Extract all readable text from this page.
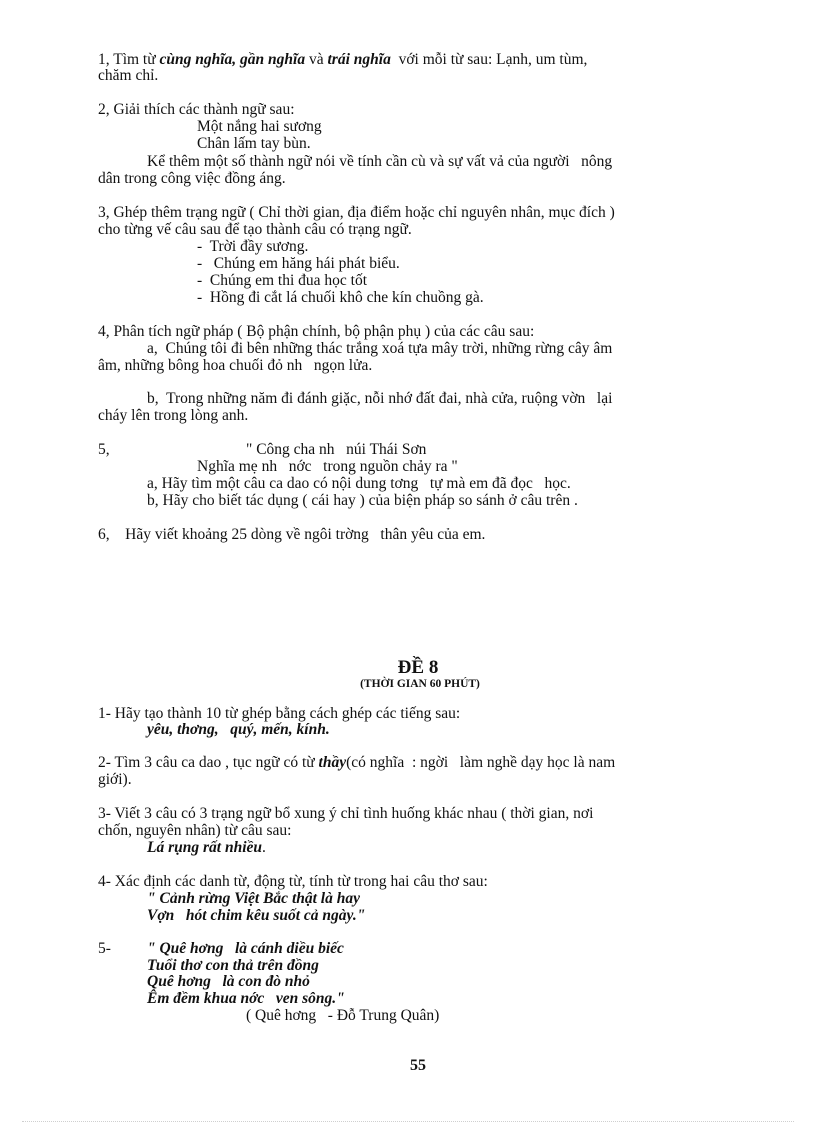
1, Tìm từ cùng nghĩa, gần nghĩa và trái nghĩa  với mỗi từ sau: Lạnh, um tùm,
chăm chỉ.
2, Giải thích các thành ngữ sau:
Một nắng hai sương
Chân lấm tay bùn.
Kể thêm một số thành ngữ nói về tính cần cù và sự vất vả của người   nông
dân trong công việc đồng áng.
3, Ghép thêm trạng ngữ ( Chỉ thời gian, địa điểm hoặc chỉ nguyên nhân, mục đích )
cho từng vế câu sau để tạo thành câu có trạng ngữ.
-  Trời đầy sương.
-   Chúng em hăng hái phát biểu.
-  Chúng em thi đua học tốt
-  Hồng đi cắt lá chuối khô che kín chuồng gà.
4, Phân tích ngữ pháp ( Bộ phận chính, bộ phận phụ ) của các câu sau:
a,  Chúng tôi đi bên những thác trắng xoá tựa mây trời, những rừng cây âm
âm, những bông hoa chuối đỏ nh   ngọn lửa.
b,  Trong những năm đi đánh giặc, nỗi nhớ đất đai, nhà cửa, ruộng vờn   lại
cháy lên trong lòng anh.
5,	" Công cha nh   núi Thái Sơn
Nghĩa mẹ nh   nớc   trong nguồn chảy ra "
a, Hãy tìm một câu ca dao có nội dung tơng   tự mà em đã đọc   học.
b, Hãy cho biết tác dụng ( cái hay ) của biện pháp so sánh ở câu trên .
6,    Hãy viết khoảng 25 dòng về ngôi trờng   thân yêu của em.
ĐỀ 8
(THỜI GIAN 60 PHÚT)
1- Hãy tạo thành 10 từ ghép bằng cách ghép các tiếng sau:
yêu, thơng,   quý, mến, kính.
2- Tìm 3 câu ca dao , tục ngữ có từ thầy(có nghĩa  : ngời   làm nghề dạy học là nam
giới).
3- Viết 3 câu có 3 trạng ngữ bổ xung ý chỉ tình huống khác nhau ( thời gian, nơi
chốn, nguyên nhân) từ câu sau:
Lá rụng rất nhiều.
4- Xác định các danh từ, động từ, tính từ trong hai câu thơ sau:
" Cảnh rừng Việt Bắc thật là hay
Vợn   hót chim kêu suốt cả ngày."
5- " Quê hơng   là cánh diều biếc
Tuổi thơ con thả trên đồng
Quê hơng   là con đò nhỏ
Êm đềm khua nớc   ven sông."
( Quê hơng   - Đỗ Trung Quân)
55
